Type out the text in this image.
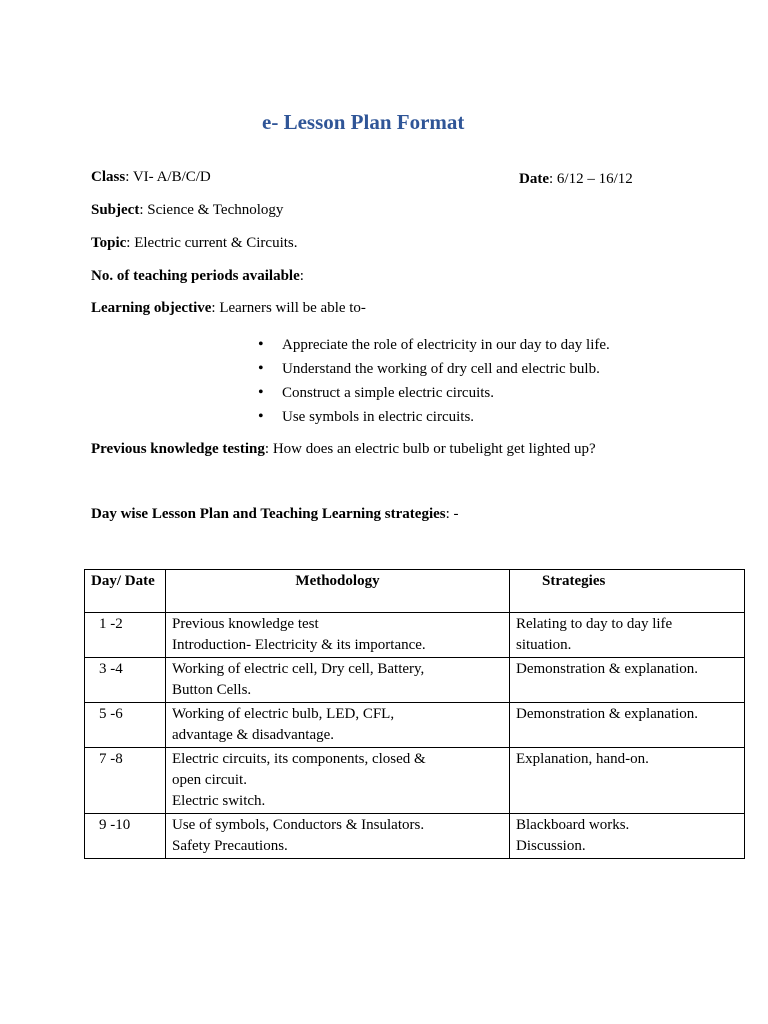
e- Lesson Plan Format
Class: VI- A/B/C/D	Date: 6/12 – 16/12
Subject: Science & Technology
Topic: Electric current & Circuits.
No. of teaching periods available:
Learning objective: Learners will be able to-
• Appreciate the role of electricity in our day to day life.
• Understand the working of dry cell and electric bulb.
• Construct a simple electric circuits.
• Use symbols in electric circuits.
Previous knowledge testing: How does an electric bulb or tubelight get lighted up?
Day wise Lesson Plan and Teaching Learning strategies: -
Day/ Date	Methodology	Strategies
1 -2	Previous knowledge test
Introduction- Electricity & its importance.	Relating to day to day life
situation.

3 -4	Working of electric cell, Dry cell, Battery,
Button Cells.	Demonstration & explanation.

5 -6	Working of electric bulb, LED, CFL,
advantage & disadvantage.	Demonstration & explanation.

7 -8	Electric circuits, its components, closed &
open circuit.
Electric switch.	Explanation, hand-on.

9 -10	Use of symbols, Conductors & Insulators.
Safety Precautions.	Blackboard works.
Discussion.
